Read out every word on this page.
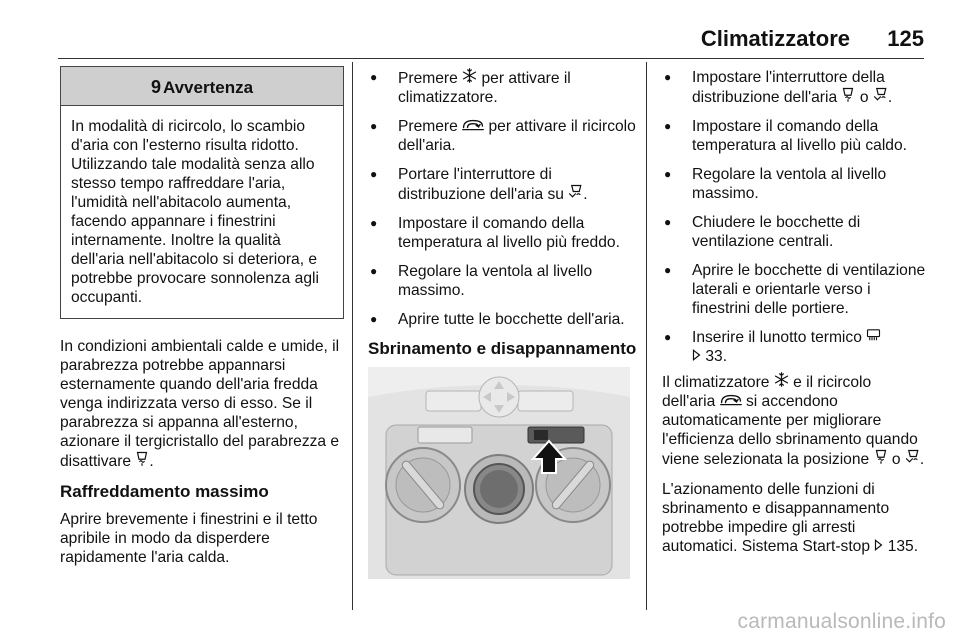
Climatizzatore	125
9 Avvertenza
In modalità di ricircolo, lo scambio d'aria con l'esterno risulta ridotto. Utilizzando tale modalità senza allo stesso tempo raffreddare l'aria, l'umidità nell'abitacolo aumenta, facendo appannare i finestrini internamente. Inoltre la qualità dell'aria nell'abitacolo si deteriora, e potrebbe provocare sonnolenza agli occupanti.

In condizioni ambientali calde e umide, il parabrezza potrebbe appannarsi esternamente quando dell'aria fredda venga indirizzata verso di esso. Se il parabrezza si appanna all'esterno, azionare il tergicristallo del parabrezza e disattivare .

Raffreddamento massimo

Aprire brevemente i finestrini e il tetto apribile in modo da disperdere rapidamente l'aria calda.

● Premere per attivare il climatizzatore.
● Premere per attivare il ricircolo dell'aria.
● Portare l'interruttore di distribuzione dell'aria su .
● Impostare il comando della temperatura al livello più freddo.
● Regolare la ventola al livello massimo.
● Aprire tutte le bocchette dell'aria.
Sbrinamento e disappannamento
● Impostare l'interruttore della distribuzione dell'aria o .
● Impostare il comando della temperatura al livello più caldo.
● Regolare la ventola al livello massimo.
● Chiudere le bocchette di ventilazione centrali.
● Aprire le bocchette di ventilazione laterali e orientarle verso i finestrini delle portiere.
● Inserire il lunotto termico
33.

Il climatizzatore e il ricircolo dell'aria si accendono automaticamente per migliorare l'efficienza dello sbrinamento quando viene selezionata la posizione o .

L'azionamento delle funzioni di sbrinamento e disappannamento potrebbe impedire gli arresti automatici. Sistema Start-stop 135.

carmanualsonline.info
